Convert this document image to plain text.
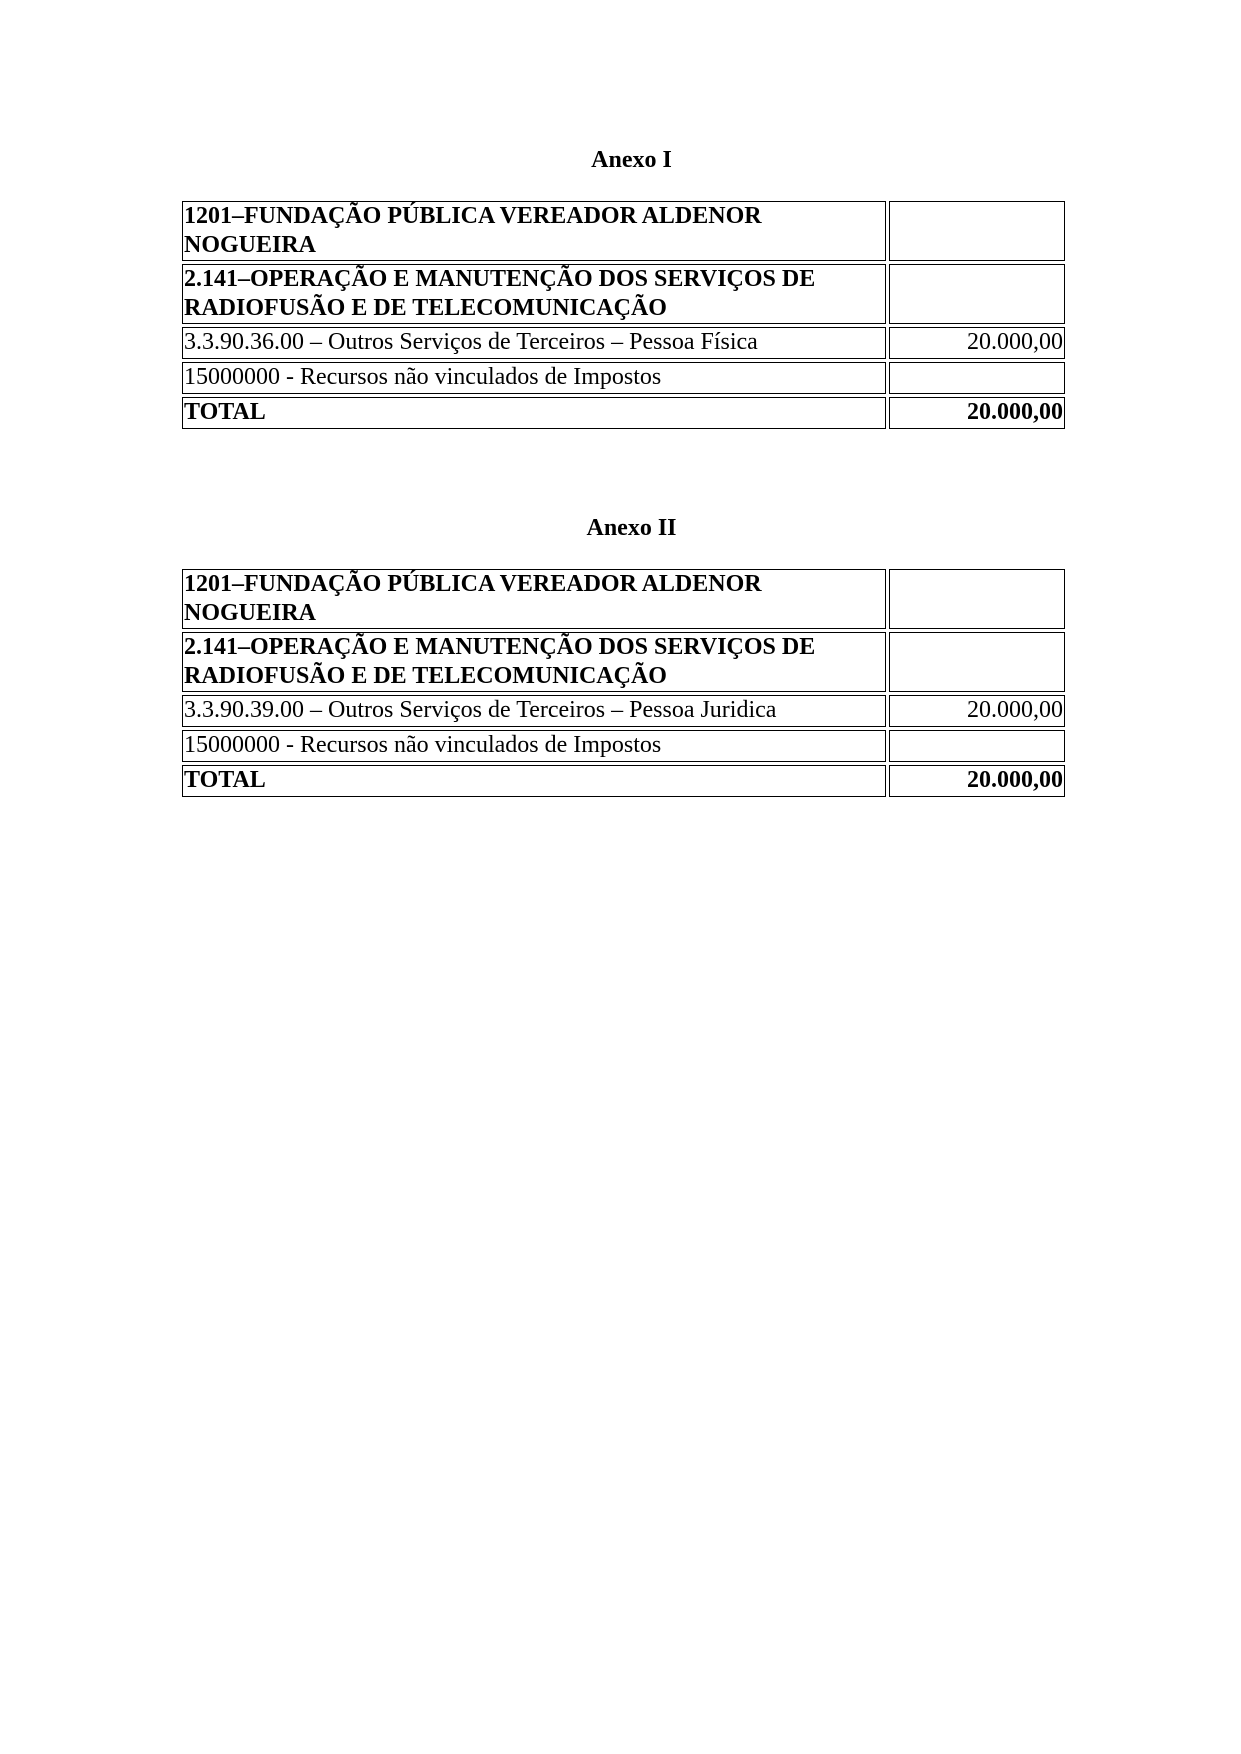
Anexo I
1201–FUNDAÇÃO PÚBLICA VEREADOR ALDENOR NOGUEIRA	
2.141–OPERAÇÃO E MANUTENÇÃO DOS SERVIÇOS DE RADIOFUSÃO E DE TELECOMUNICAÇÃO	
3.3.90.36.00 – Outros Serviços de Terceiros – Pessoa Física	20.000,00
15000000 - Recursos não vinculados de Impostos	
TOTAL	20.000,00
Anexo II
1201–FUNDAÇÃO PÚBLICA VEREADOR ALDENOR NOGUEIRA	
2.141–OPERAÇÃO E MANUTENÇÃO DOS SERVIÇOS DE RADIOFUSÃO E DE TELECOMUNICAÇÃO	
3.3.90.39.00 – Outros Serviços de Terceiros – Pessoa Juridica	20.000,00
15000000 - Recursos não vinculados de Impostos	
TOTAL	20.000,00
